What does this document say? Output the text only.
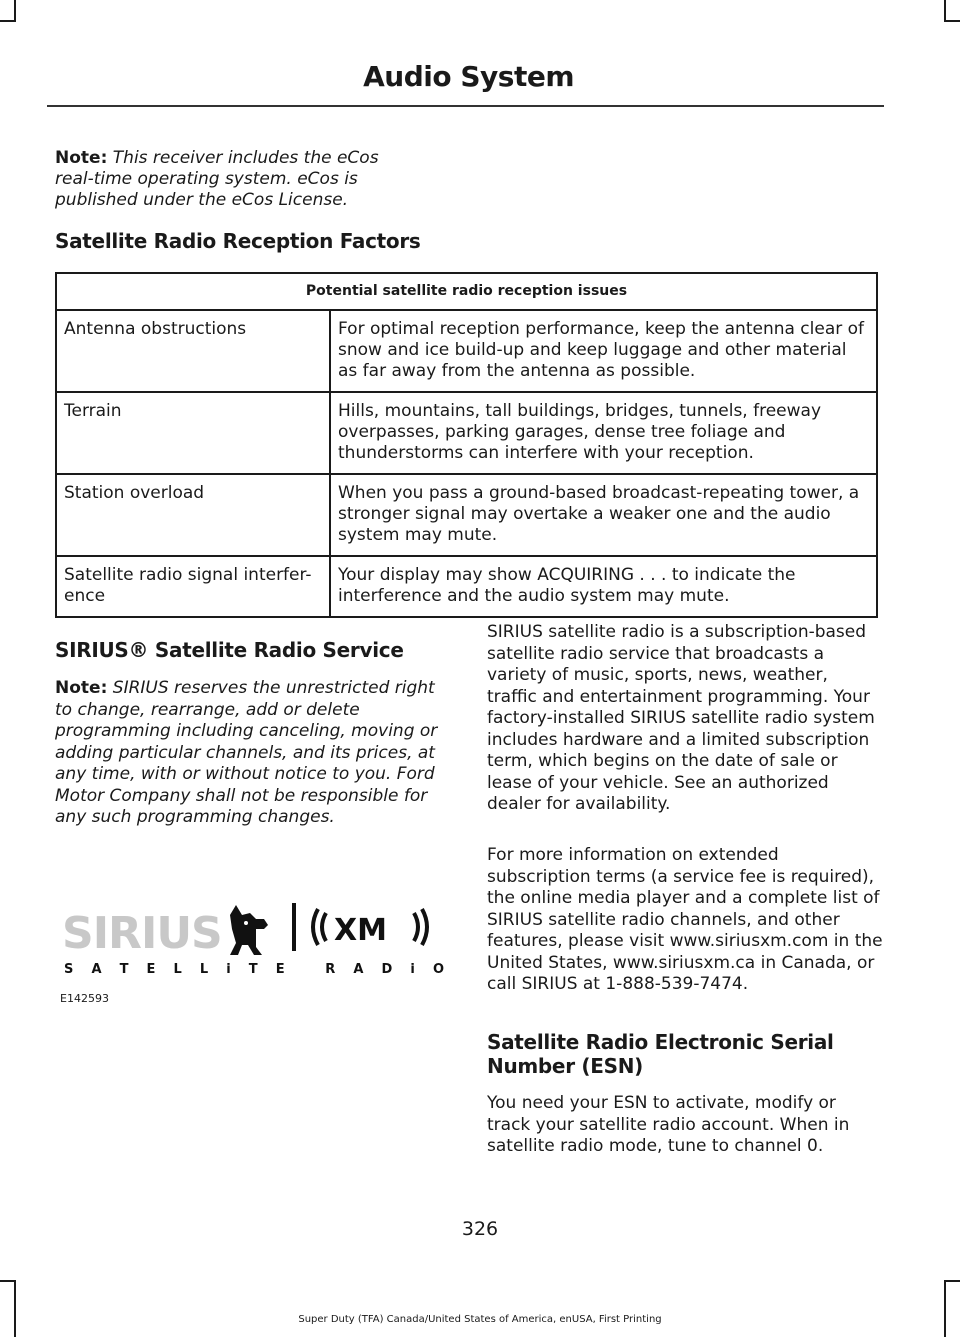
Audio System

Note: This receiver includes the eCos real-time operating system. eCos is published under the eCos License.

Satellite Radio Reception Factors
Potential satellite radio reception issues	
Antenna obstructions	For optimal reception performance, keep the antenna clear of snow and ice build-up and keep luggage and other material as far away from the antenna as possible.
Terrain	Hills, mountains, tall buildings, bridges, tunnels, freeway overpasses, parking garages, dense tree foliage and thunderstorms can interfere with your reception.
Station overload	When you pass a ground-based broadcast-repeating tower, a stronger signal may overtake a weaker one and the audio system may mute.
Satellite radio signal interfer-ence	Your display may show ACQUIRING . . . to indicate the interference and the audio system may mute.
SIRIUS® Satellite Radio Service

Note: SIRIUS reserves the unrestricted right to change, rearrange, add or delete programming including canceling, moving or adding particular channels, and its prices, at any time, with or without notice to you. Ford Motor Company shall not be responsible for any such programming changes.

SIRIUS	XM
S A T E L L i T E   R A D i O

E142593

SIRIUS satellite radio is a subscription-based satellite radio service that broadcasts a variety of music, sports, news, weather, traffic and entertainment programming. Your factory-installed SIRIUS satellite radio system includes hardware and a limited subscription term, which begins on the date of sale or lease of your vehicle. See an authorized dealer for availability.

For more information on extended subscription terms (a service fee is required), the online media player and a complete list of SIRIUS satellite radio channels, and other features, please visit www.siriusxm.com in the United States, www.siriusxm.ca in Canada, or call SIRIUS at 1-888-539-7474.

Satellite Radio Electronic Serial Number (ESN)

You need your ESN to activate, modify or track your satellite radio account. When in satellite radio mode, tune to channel 0.

326

Super Duty (TFA) Canada/United States of America, enUSA, First Printing
